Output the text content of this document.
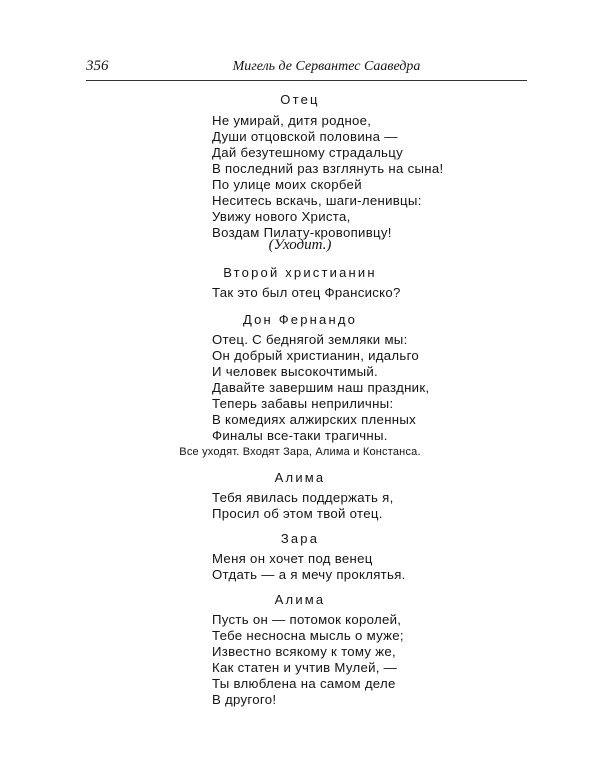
356	Мигель де Сервантес Сааведра
Отец
Не умирай, дитя родное,
Души отцовской половина —
Дай безутешному страдальцу
В последний раз взглянуть на сына!
По улице моих скорбей
Неситесь вскачь, шаги-ленивцы:
Увижу нового Христа,
Воздам Пилату-кровопивцу!
(Уходит.)
Второй христианин
Так это был отец Франсиско?
Дон Фернандо
Отец. С беднягой земляки мы:
Он добрый христианин, идальго
И человек высокочтимый.
Давайте завершим наш праздник,
Теперь забавы неприличны:
В комедиях алжирских пленных
Финалы все-таки трагичны.
Все уходят. Входят Зара, Алима и Констанса.
Алима
Тебя явилась поддержать я,
Просил об этом твой отец.
Зара
Меня он хочет под венец
Отдать — а я мечу проклятья.
Алима
Пусть он — потомок королей,
Тебе несносна мысль о муже;
Известно всякому к тому же,
Как статен и учтив Мулей, —
Ты влюблена на самом деле
В другого!
